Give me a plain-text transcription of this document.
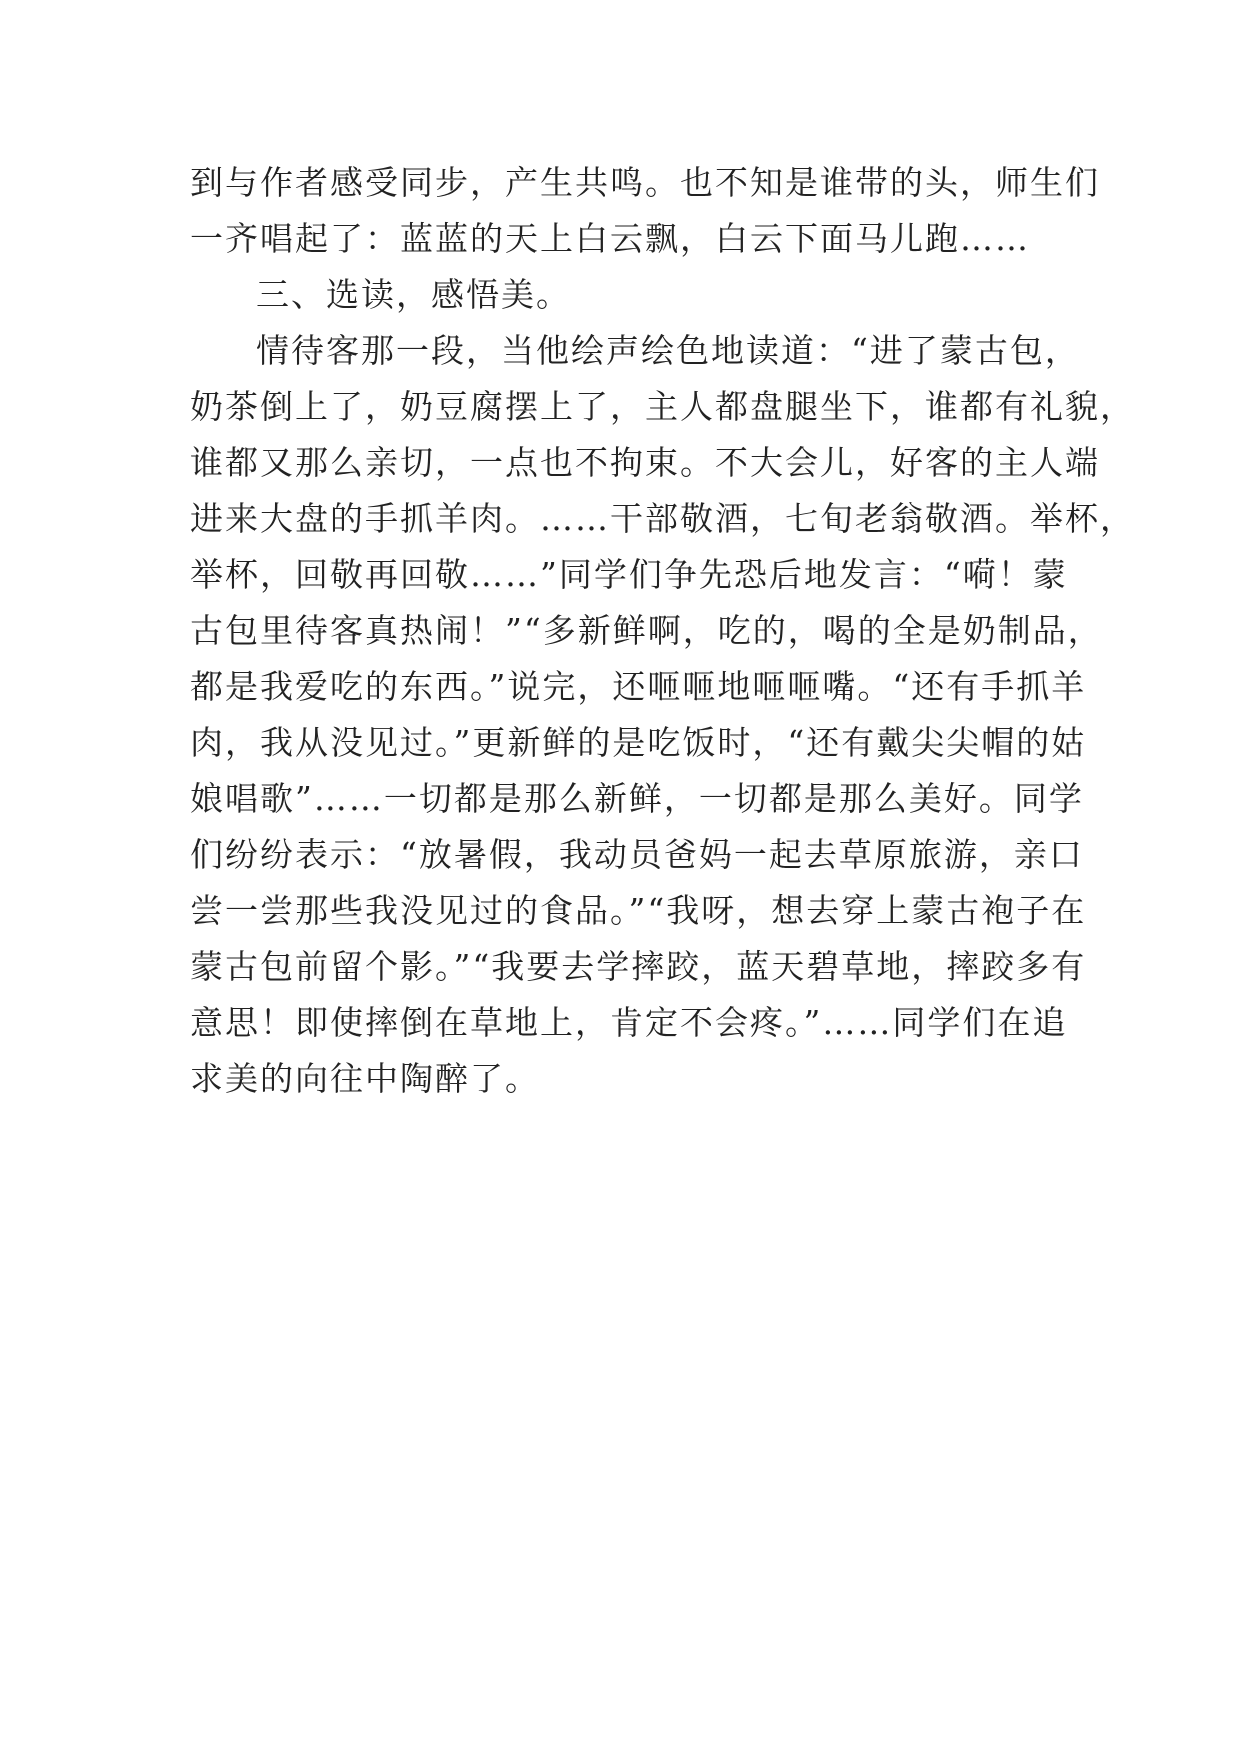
到与作者感受同步，产生共鸣。也不知是谁带的头，师生们
一齐唱起了：蓝蓝的天上白云飘，白云下面马儿跑……
三、选读，感悟美。
情待客那一段，当他绘声绘色地读道：“进了蒙古包，
奶茶倒上了，奶豆腐摆上了，主人都盘腿坐下，谁都有礼貌，
谁都又那么亲切，一点也不拘束。不大会儿，好客的主人端
进来大盘的手抓羊肉。……干部敬酒，七旬老翁敬酒。举杯，
举杯，回敬再回敬……”同学们争先恐后地发言：“嗬！蒙
古包里待客真热闹！”“多新鲜啊，吃的，喝的全是奶制品，
都是我爱吃的东西。”说完，还咂咂地咂咂嘴。“还有手抓羊
肉，我从没见过。”更新鲜的是吃饭时，“还有戴尖尖帽的姑
娘唱歌”……一切都是那么新鲜，一切都是那么美好。同学
们纷纷表示：“放暑假，我动员爸妈一起去草原旅游，亲口
尝一尝那些我没见过的食品。”“我呀，想去穿上蒙古袍子在
蒙古包前留个影。”“我要去学摔跤，蓝天碧草地，摔跤多有
意思！即使摔倒在草地上，肯定不会疼。”……同学们在追
求美的向往中陶醉了。
